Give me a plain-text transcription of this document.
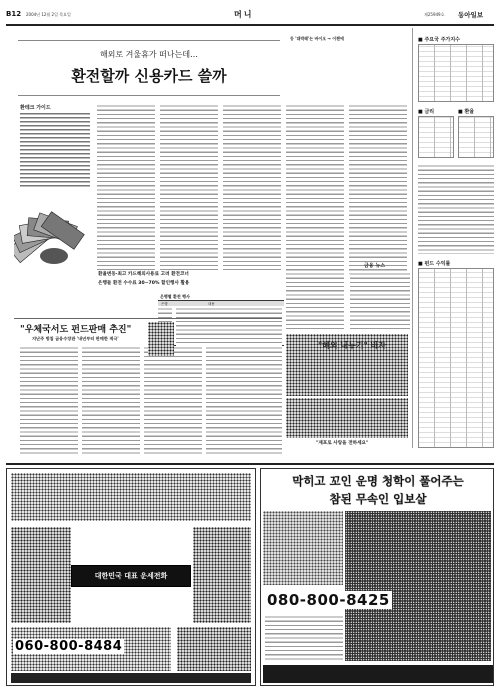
B12 2004년 12월 2일 목요일	머니	제25949호 동아일보
해외로 겨울휴가 떠나는데…
환전할까 신용카드 쓸까
환테크 가이드
환율변동·최고 카드해외사용료 고려 환전코너
은행들 환전 수수료 30~70% 할인행사 활용
은행별 환전 행사
은행	내용
"해외 나누기" 바자
등 '대박레'는 바이오 → 이젠에	■ 주요국 주가지수
■ 금리	■ 환율
금융 뉴스	■ 펀드 수익률
"우체국서도 펀드판매 추진"
지난주 방침 금융수장관 '내년부터 판매한 적극'
"재포로 사랑을 전하세요"
대한민국 대표 운세전화
060-800-8484
막히고 꼬인 운명 청학이 풀어주는
참된 무속인 입보살
080-800-8425
